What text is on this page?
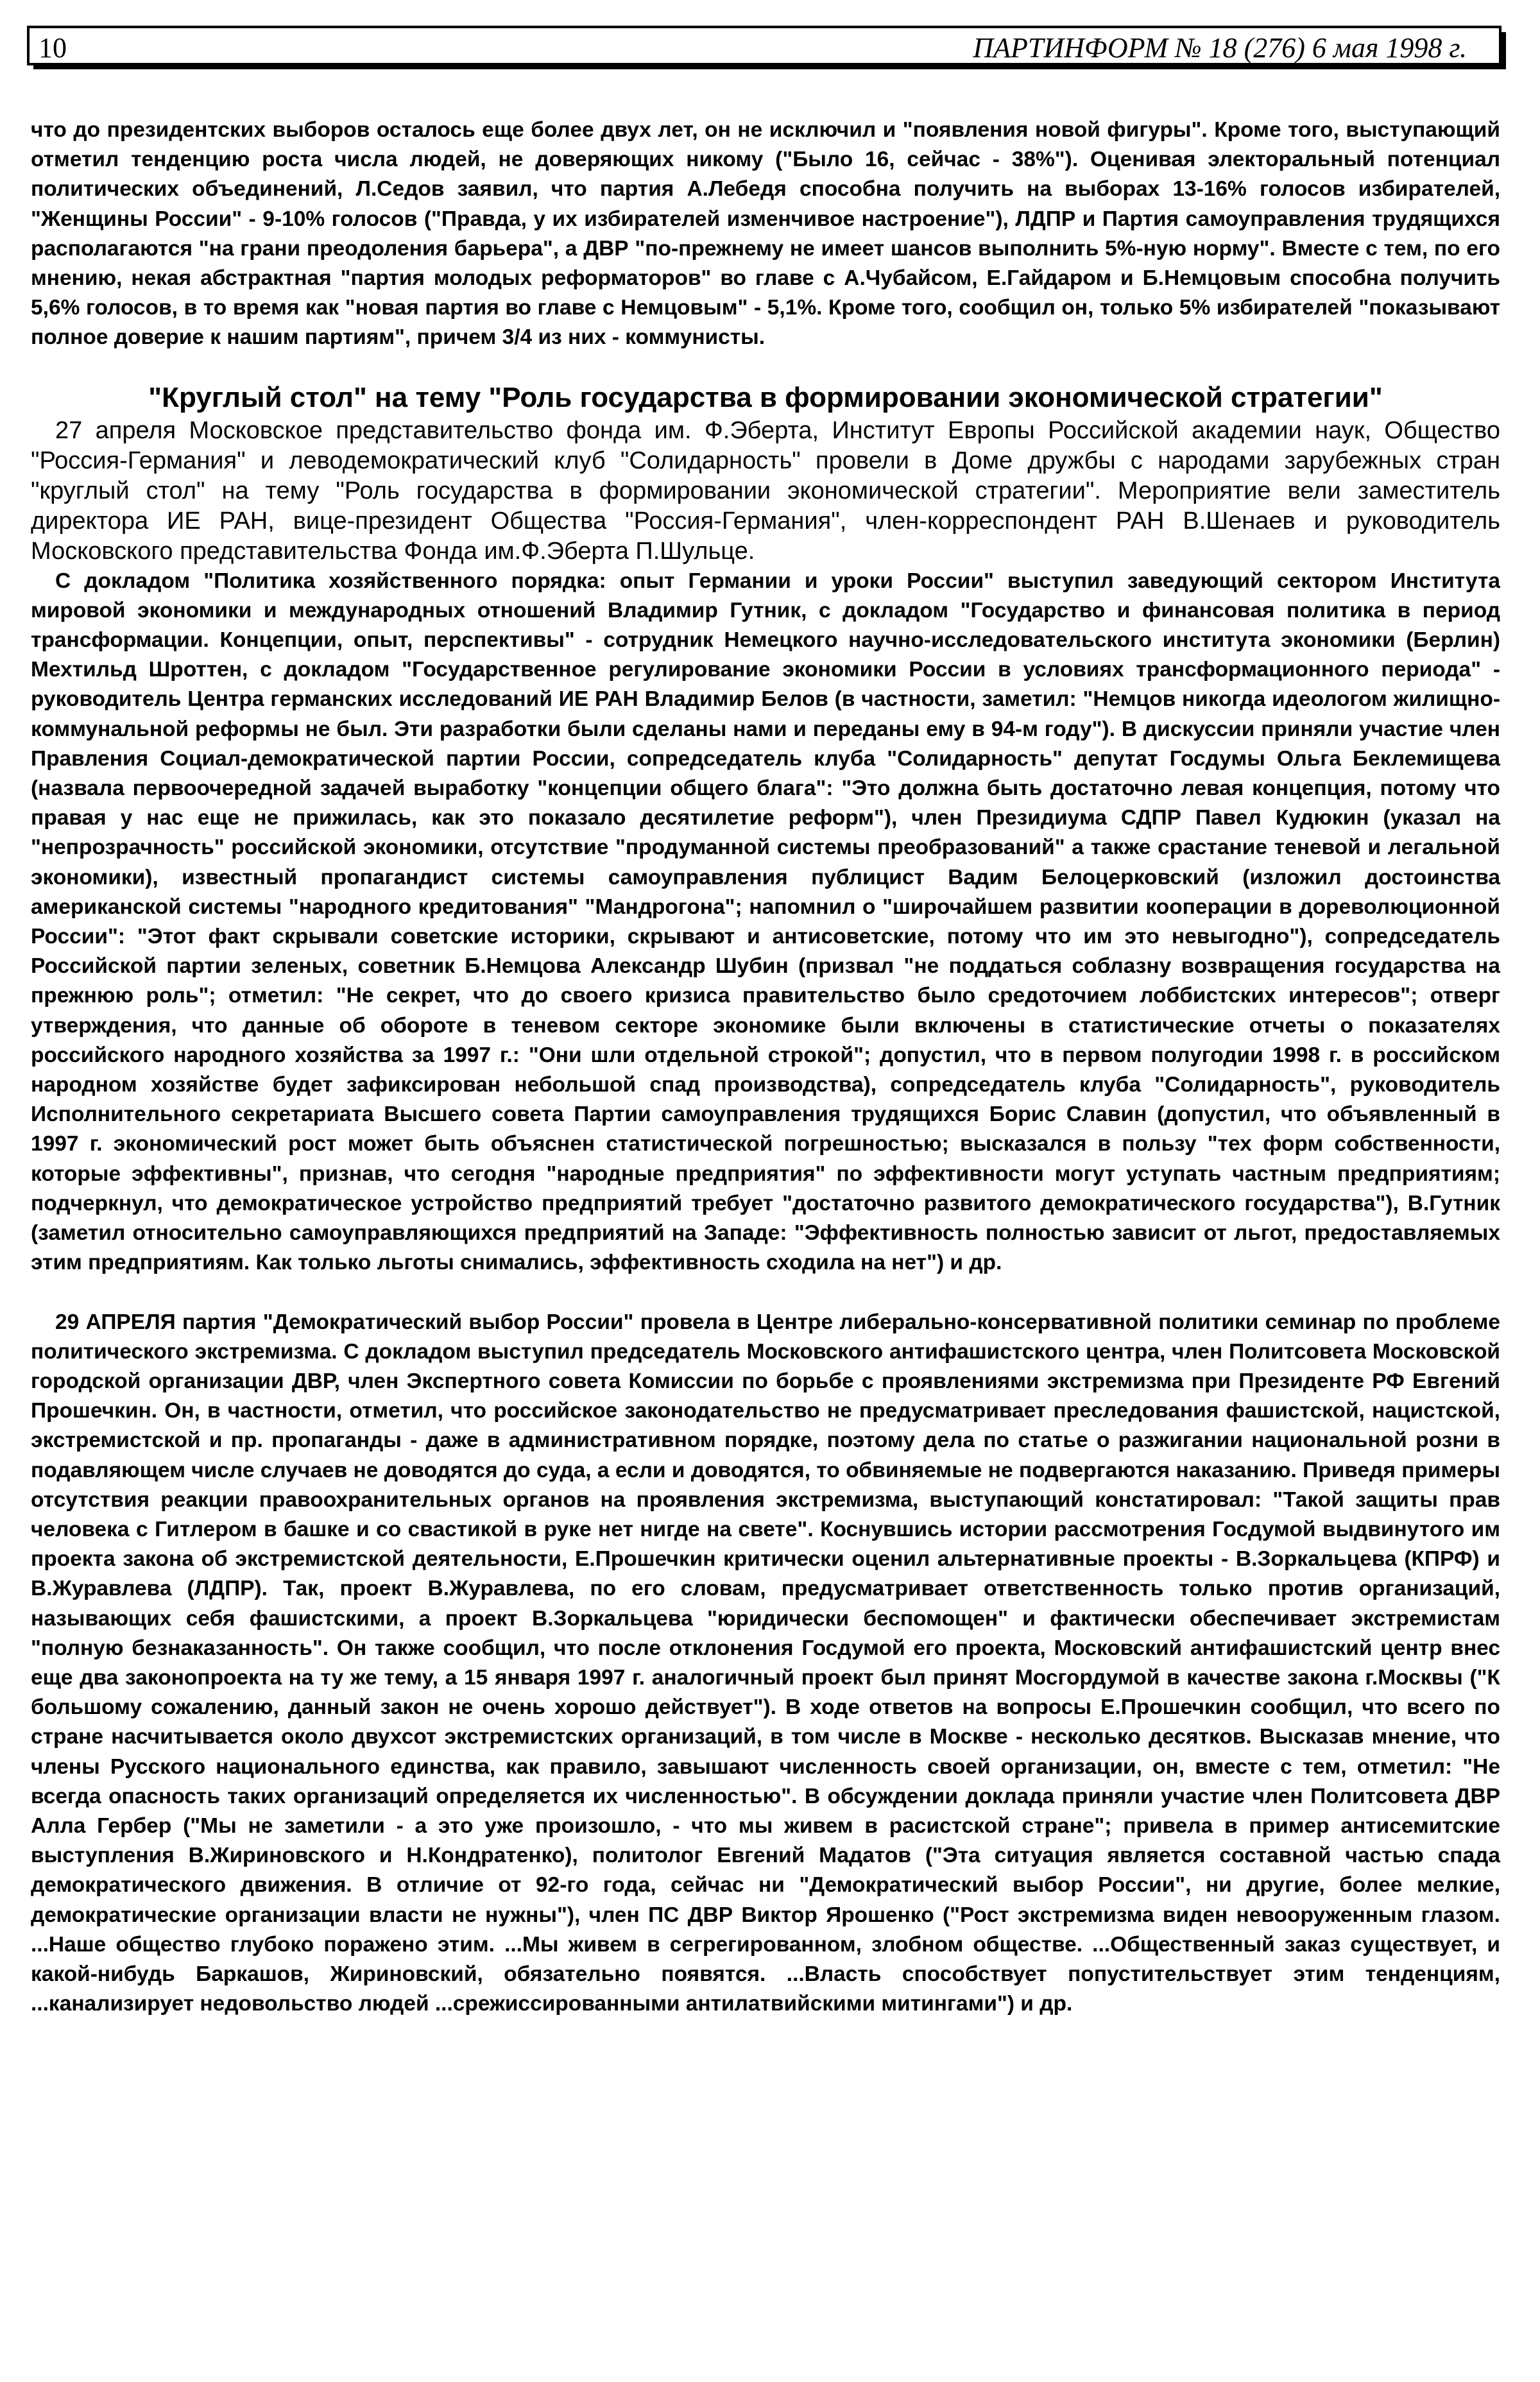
10	ПАРТИНФОРМ № 18 (276) 6 мая 1998 г.

что до президентских выборов осталось еще более двух лет, он не исключил и "появления новой фигуры". Кроме того, выступающий отметил тенденцию роста числа людей, не доверяющих никому ("Было 16, сейчас - 38%"). Оценивая электоральный потенциал политических объединений, Л.Седов заявил, что партия А.Лебедя способна получить на выборах 13-16% голосов избирателей, "Женщины России" - 9-10% голосов ("Правда, у их избирателей изменчивое настроение"), ЛДПР и Партия самоуправления трудящихся располагаются "на грани преодоления барьера", а ДВР "по-прежнему не имеет шансов выполнить 5%-ную норму". Вместе с тем, по его мнению, некая абстрактная "партия молодых реформаторов" во главе с А.Чубайсом, Е.Гайдаром и Б.Немцовым способна получить 5,6% голосов, в то время как "новая партия во главе с Немцовым" - 5,1%. Кроме того, сообщил он, только 5% избирателей "показывают полное доверие к нашим партиям", причем 3/4 из них - коммунисты.

"Круглый стол" на тему "Роль государства в формировании экономической стратегии"

27 апреля Московское представительство фонда им. Ф.Эберта, Институт Европы Российской академии наук, Общество "Россия-Германия" и леводемократический клуб "Солидарность" провели в Доме дружбы с народами зарубежных стран "круглый стол" на тему "Роль государства в формировании экономической стратегии". Мероприятие вели заместитель директора ИЕ РАН, вице-президент Общества "Россия-Германия", член-корреспондент РАН В.Шенаев и руководитель Московского представительства Фонда им.Ф.Эберта П.Шульце.

С докладом "Политика хозяйственного порядка: опыт Германии и уроки России" выступил заведующий сектором Института мировой экономики и международных отношений Владимир Гутник, с докладом "Государство и финансовая политика в период трансформации. Концепции, опыт, перспективы" - сотрудник Немецкого научно-исследовательского института экономики (Берлин) Мехтильд Шроттен, с докладом "Государственное регулирование экономики России в условиях трансформационного периода" - руководитель Центра германских исследований ИЕ РАН Владимир Белов (в частности, заметил: "Немцов никогда идеологом жилищно-коммунальной реформы не был. Эти разработки были сделаны нами и переданы ему в 94-м году"). В дискуссии приняли участие член Правления Социал-демократической партии России, сопредседатель клуба "Солидарность" депутат Госдумы Ольга Беклемищева (назвала первоочередной задачей выработку "концепции общего блага": "Это должна быть достаточно левая концепция, потому что правая у нас еще не прижилась, как это показало десятилетие реформ"), член Президиума СДПР Павел Кудюкин (указал на "непрозрачность" российской экономики, отсутствие "продуманной системы преобразований" а также срастание теневой и легальной экономики), известный пропагандист системы самоуправления публицист Вадим Белоцерковский (изложил достоинства американской системы "народного кредитования" "Мандрогона"; напомнил о "широчайшем развитии кооперации в дореволюционной России": "Этот факт скрывали советские историки, скрывают и антисоветские, потому что им это невыгодно"), сопредседатель Российской партии зеленых, советник Б.Немцова Александр Шубин (призвал "не поддаться соблазну возвращения государства на прежнюю роль"; отметил: "Не секрет, что до своего кризиса правительство было средоточием лоббистских интересов"; отверг утверждения, что данные об обороте в теневом секторе экономике были включены в статистические отчеты о показателях российского народного хозяйства за 1997 г.: "Они шли отдельной строкой"; допустил, что в первом полугодии 1998 г. в российском народном хозяйстве будет зафиксирован небольшой спад производства), сопредседатель клуба "Солидарность", руководитель Исполнительного секретариата Высшего совета Партии самоуправления трудящихся Борис Славин (допустил, что объявленный в 1997 г. экономический рост может быть объяснен статистической погрешностью; высказался в пользу "тех форм собственности, которые эффективны", признав, что сегодня "народные предприятия" по эффективности могут уступать частным предприятиям; подчеркнул, что демократическое устройство предприятий требует "достаточно развитого демократического государства"), В.Гутник (заметил относительно самоуправляющихся предприятий на Западе: "Эффективность полностью зависит от льгот, предоставляемых этим предприятиям. Как только льготы снимались, эффективность сходила на нет") и др.

29 АПРЕЛЯ партия "Демократический выбор России" провела в Центре либерально-консервативной политики семинар по проблеме политического экстремизма. С докладом выступил председатель Московского антифашистского центра, член Политсовета Московской городской организации ДВР, член Экспертного совета Комиссии по борьбе с проявлениями экстремизма при Президенте РФ Евгений Прошечкин. Он, в частности, отметил, что российское законодательство не предусматривает преследования фашистской, нацистской, экстремистской и пр. пропаганды - даже в административном порядке, поэтому дела по статье о разжигании национальной розни в подавляющем числе случаев не доводятся до суда, а если и доводятся, то обвиняемые не подвергаются наказанию. Приведя примеры отсутствия реакции правоохранительных органов на проявления экстремизма, выступающий констатировал: "Такой защиты прав человека с Гитлером в башке и со свастикой в руке нет нигде на свете". Коснувшись истории рассмотрения Госдумой выдвинутого им проекта закона об экстремистской деятельности, Е.Прошечкин критически оценил альтернативные проекты - В.Зоркальцева (КПРФ) и В.Журавлева (ЛДПР). Так, проект В.Журавлева, по его словам, предусматривает ответственность только против организаций, называющих себя фашистскими, а проект В.Зоркальцева "юридически беспомощен" и фактически обеспечивает экстремистам "полную безнаказанность". Он также сообщил, что после отклонения Госдумой его проекта, Московский антифашистский центр внес еще два законопроекта на ту же тему, а 15 января 1997 г. аналогичный проект был принят Мосгордумой в качестве закона г.Москвы ("К большому сожалению, данный закон не очень хорошо действует"). В ходе ответов на вопросы Е.Прошечкин сообщил, что всего по стране насчитывается около двухсот экстремистских организаций, в том числе в Москве - несколько десятков. Высказав мнение, что члены Русского национального единства, как правило, завышают численность своей организации, он, вместе с тем, отметил: "Не всегда опасность таких организаций определяется их численностью". В обсуждении доклада приняли участие член Политсовета ДВР Алла Гербер ("Мы не заметили - а это уже произошло, - что мы живем в расистской стране"; привела в пример антисемитские выступления В.Жириновского и Н.Кондратенко), политолог Евгений Мадатов ("Эта ситуация является составной частью спада демократического движения. В отличие от 92-го года, сейчас ни "Демократический выбор России", ни другие, более мелкие, демократические организации власти не нужны"), член ПС ДВР Виктор Ярошенко ("Рост экстремизма виден невооруженным глазом. ...Наше общество глубоко поражено этим. ...Мы живем в сегрегированном, злобном обществе. ...Общественный заказ существует, и какой-нибудь Баркашов, Жириновский, обязательно появятся. ...Власть способствует попустительствует этим тенденциям, ...канализирует недовольство людей ...срежиссированными антилатвийскими митингами") и др.
